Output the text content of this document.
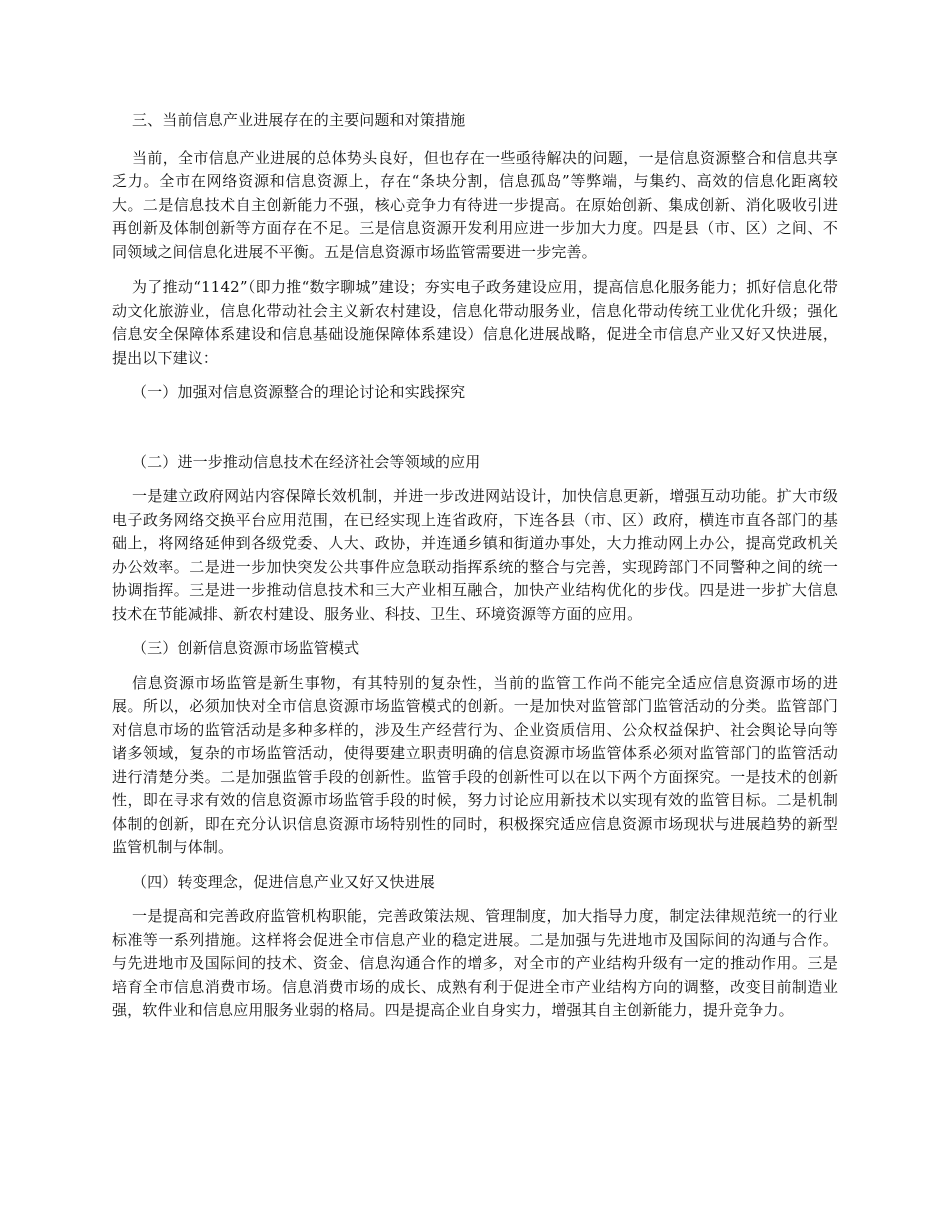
三、当前信息产业进展存在的主要问题和对策措施

当前，全市信息产业进展的总体势头良好，但也存在一些亟待解决的问题，一是信息资源整合和信息共享乏力。全市在网络资源和信息资源上，存在“条块分割，信息孤岛”等弊端，与集约、高效的信息化距离较大。二是信息技术自主创新能力不强，核心竞争力有待进一步提高。在原始创新、集成创新、消化吸收引进再创新及体制创新等方面存在不足。三是信息资源开发利用应进一步加大力度。四是县（市、区）之间、不同领域之间信息化进展不平衡。五是信息资源市场监管需要进一步完善。

为了推动“1142”（即力推“数字聊城”建设；夯实电子政务建设应用，提高信息化服务能力；抓好信息化带动文化旅游业，信息化带动社会主义新农村建设，信息化带动服务业，信息化带动传统工业优化升级；强化信息安全保障体系建设和信息基础设施保障体系建设）信息化进展战略，促进全市信息产业又好又快进展，提出以下建议：

（一）加强对信息资源整合的理论讨论和实践探究

（二）进一步推动信息技术在经济社会等领域的应用

一是建立政府网站内容保障长效机制，并进一步改进网站设计，加快信息更新，增强互动功能。扩大市级电子政务网络交换平台应用范围，在已经实现上连省政府，下连各县（市、区）政府，横连市直各部门的基础上，将网络延伸到各级党委、人大、政协，并连通乡镇和街道办事处，大力推动网上办公，提高党政机关办公效率。二是进一步加快突发公共事件应急联动指挥系统的整合与完善，实现跨部门不同警种之间的统一协调指挥。三是进一步推动信息技术和三大产业相互融合，加快产业结构优化的步伐。四是进一步扩大信息技术在节能减排、新农村建设、服务业、科技、卫生、环境资源等方面的应用。

（三）创新信息资源市场监管模式

信息资源市场监管是新生事物，有其特别的复杂性，当前的监管工作尚不能完全适应信息资源市场的进展。所以，必须加快对全市信息资源市场监管模式的创新。一是加快对监管部门监管活动的分类。监管部门对信息市场的监管活动是多种多样的，涉及生产经营行为、企业资质信用、公众权益保护、社会舆论导向等诸多领域，复杂的市场监管活动，使得要建立职责明确的信息资源市场监管体系必须对监管部门的监管活动进行清楚分类。二是加强监管手段的创新性。监管手段的创新性可以在以下两个方面探究。一是技术的创新性，即在寻求有效的信息资源市场监管手段的时候，努力讨论应用新技术以实现有效的监管目标。二是机制体制的创新，即在充分认识信息资源市场特别性的同时，积极探究适应信息资源市场现状与进展趋势的新型监管机制与体制。

（四）转变理念，促进信息产业又好又快进展

一是提高和完善政府监管机构职能，完善政策法规、管理制度，加大指导力度，制定法律规范统一的行业标准等一系列措施。这样将会促进全市信息产业的稳定进展。二是加强与先进地市及国际间的沟通与合作。与先进地市及国际间的技术、资金、信息沟通合作的增多，对全市的产业结构升级有一定的推动作用。三是培育全市信息消费市场。信息消费市场的成长、成熟有利于促进全市产业结构方向的调整，改变目前制造业强，软件业和信息应用服务业弱的格局。四是提高企业自身实力，增强其自主创新能力，提升竞争力。
